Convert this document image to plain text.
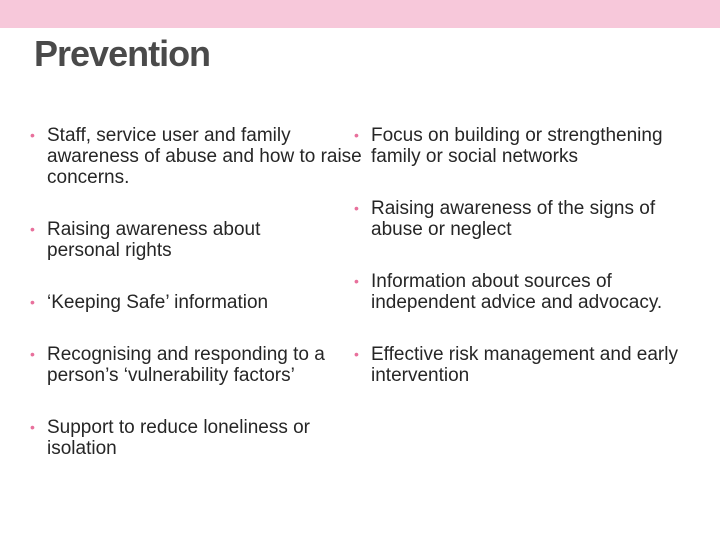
Prevention
• Staff, service user and family awareness of abuse and how to raise concerns.
• Raising awareness about personal rights
• ‘Keeping Safe’ information
• Recognising and responding to a person’s ‘vulnerability factors’
• Support to reduce loneliness or isolation
• Focus on building or strengthening family or social networks
• Raising awareness of the signs of abuse or neglect
• Information about sources of independent advice and advocacy.
• Effective risk management and early intervention
